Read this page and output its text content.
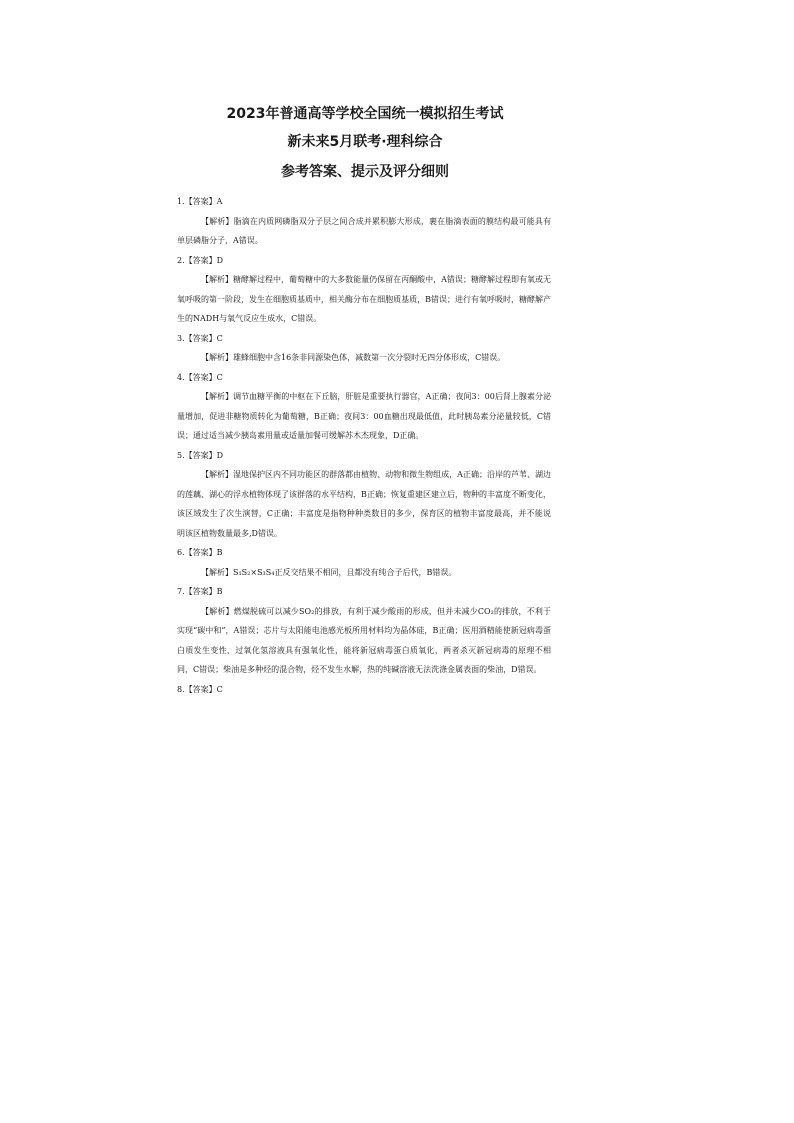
2023年普通高等学校全国统一模拟招生考试

新未来5月联考·理科综合

参考答案、提示及评分细则

1.【答案】A

【解析】脂滴在内质网磷脂双分子层之间合成并累积膨大形成，裹在脂滴表面的膜结构最可能具有单层磷脂分子，A错误。

2.【答案】D

【解析】糖酵解过程中，葡萄糖中的大多数能量仍保留在丙酮酸中，A错误；糖酵解过程即有氧或无氧呼吸的第一阶段，发生在细胞质基质中，相关酶分布在细胞质基质，B错误；进行有氧呼吸时，糖酵解产生的NADH与氧气反应生成水，C错误。

3.【答案】C

【解析】雄蜂细胞中含16条非同源染色体，减数第一次分裂时无四分体形成，C错误。

4.【答案】C

【解析】调节血糖平衡的中枢在下丘脑，肝脏是重要执行器官，A正确；夜间3：00后肾上腺素分泌量增加，促进非糖物质转化为葡萄糖，B正确；夜间3：00血糖出现最低值，此时胰岛素分泌量较低，C错误；通过适当减少胰岛素用量或适量加餐可缓解苏木杰现象，D正确。

5.【答案】D

【解析】湿地保护区内不同功能区的群落都由植物、动物和微生物组成，A正确；沿岸的芦苇、湖边的莲藕、湖心的浮水植物体现了该群落的水平结构，B正确；恢复重建区建立后，物种的丰富度不断变化，该区域发生了次生演替，C正确；丰富度是指物种种类数目的多少，保育区的植物丰富度最高，并不能说明该区植物数量最多,D错误。

6.【答案】B

【解析】S₁S₂×S₃S₄正反交结果不相同，且都没有纯合子后代，B错误。

7.【答案】B

【解析】燃煤脱硫可以减少SO₂的排放，有利于减少酸雨的形成，但并未减少CO₂的排放，不利于实现“碳中和”，A错误；芯片与太阳能电池感光板所用材料均为晶体硅，B正确；医用酒精能使新冠病毒蛋白质发生变性，过氧化氢溶液具有强氧化性，能将新冠病毒蛋白质氧化，两者杀灭新冠病毒的原理不相同，C错误；柴油是多种烃的混合物，烃不发生水解，热的纯碱溶液无法洗涤金属表面的柴油，D错误。

8.【答案】C
